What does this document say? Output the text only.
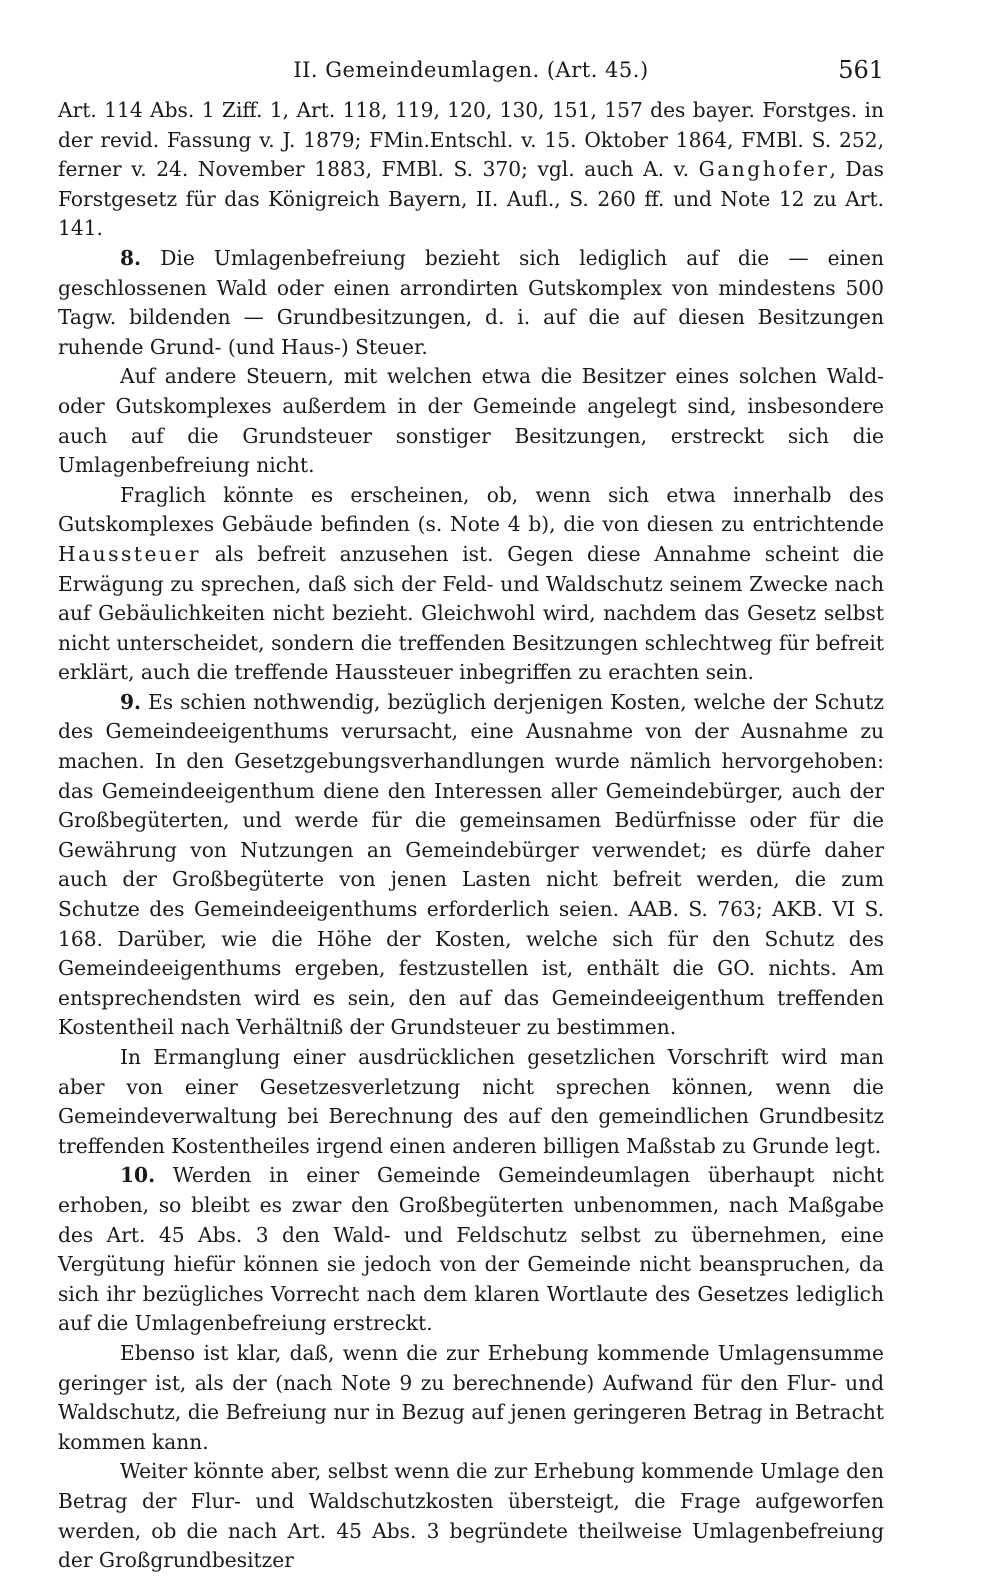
II. Gemeindeumlagen. (Art. 45.)	561

Art. 114 Abs. 1 Ziff. 1, Art. 118, 119, 120, 130, 151, 157 des bayer. Forstges. in der revid. Fassung v. J. 1879; FMin.Entschl. v. 15. Oktober 1864, FMBl. S. 252, ferner v. 24. November 1883, FMBl. S. 370; vgl. auch A. v. Ganghofer, Das Forstgesetz für das Königreich Bayern, II. Aufl., S. 260 ff. und Note 12 zu Art. 141.

8. Die Umlagenbefreiung bezieht sich lediglich auf die — einen geschlossenen Wald oder einen arrondirten Gutskomplex von mindestens 500 Tagw. bildenden — Grundbesitzungen, d. i. auf die auf diesen Besitzungen ruhende Grund- (und Haus-) Steuer.

Auf andere Steuern, mit welchen etwa die Besitzer eines solchen Wald- oder Gutskomplexes außerdem in der Gemeinde angelegt sind, insbesondere auch auf die Grundsteuer sonstiger Besitzungen, erstreckt sich die Umlagenbefreiung nicht.

Fraglich könnte es erscheinen, ob, wenn sich etwa innerhalb des Gutskomplexes Gebäude befinden (s. Note 4 b), die von diesen zu entrichtende Haussteuer als befreit anzusehen ist. Gegen diese Annahme scheint die Erwägung zu sprechen, daß sich der Feld- und Waldschutz seinem Zwecke nach auf Gebäulichkeiten nicht bezieht. Gleichwohl wird, nachdem das Gesetz selbst nicht unterscheidet, sondern die treffenden Besitzungen schlechtweg für befreit erklärt, auch die treffende Haussteuer inbegriffen zu erachten sein.

9. Es schien nothwendig, bezüglich derjenigen Kosten, welche der Schutz des Gemeindeeigenthums verursacht, eine Ausnahme von der Ausnahme zu machen. In den Gesetzgebungsverhandlungen wurde nämlich hervorgehoben: das Gemeindeeigenthum diene den Interessen aller Gemeindebürger, auch der Großbegüterten, und werde für die gemeinsamen Bedürfnisse oder für die Gewährung von Nutzungen an Gemeindebürger verwendet; es dürfe daher auch der Großbegüterte von jenen Lasten nicht befreit werden, die zum Schutze des Gemeindeeigenthums erforderlich seien. AAB. S. 763; AKB. VI S. 168. Darüber, wie die Höhe der Kosten, welche sich für den Schutz des Gemeindeeigenthums ergeben, festzustellen ist, enthält die GO. nichts. Am entsprechendsten wird es sein, den auf das Gemeindeeigenthum treffenden Kostentheil nach Verhältniß der Grundsteuer zu bestimmen.

In Ermanglung einer ausdrücklichen gesetzlichen Vorschrift wird man aber von einer Gesetzesverletzung nicht sprechen können, wenn die Gemeindeverwaltung bei Berechnung des auf den gemeindlichen Grundbesitz treffenden Kostentheiles irgend einen anderen billigen Maßstab zu Grunde legt.

10. Werden in einer Gemeinde Gemeindeumlagen überhaupt nicht erhoben, so bleibt es zwar den Großbegüterten unbenommen, nach Maßgabe des Art. 45 Abs. 3 den Wald- und Feldschutz selbst zu übernehmen, eine Vergütung hiefür können sie jedoch von der Gemeinde nicht beanspruchen, da sich ihr bezügliches Vorrecht nach dem klaren Wortlaute des Gesetzes lediglich auf die Umlagenbefreiung erstreckt.

Ebenso ist klar, daß, wenn die zur Erhebung kommende Umlagensumme geringer ist, als der (nach Note 9 zu berechnende) Aufwand für den Flur- und Waldschutz, die Befreiung nur in Bezug auf jenen geringeren Betrag in Betracht kommen kann.

Weiter könnte aber, selbst wenn die zur Erhebung kommende Umlage den Betrag der Flur- und Waldschutzkosten übersteigt, die Frage aufgeworfen werden, ob die nach Art. 45 Abs. 3 begründete theilweise Umlagenbefreiung der Großgrundbesitzer
